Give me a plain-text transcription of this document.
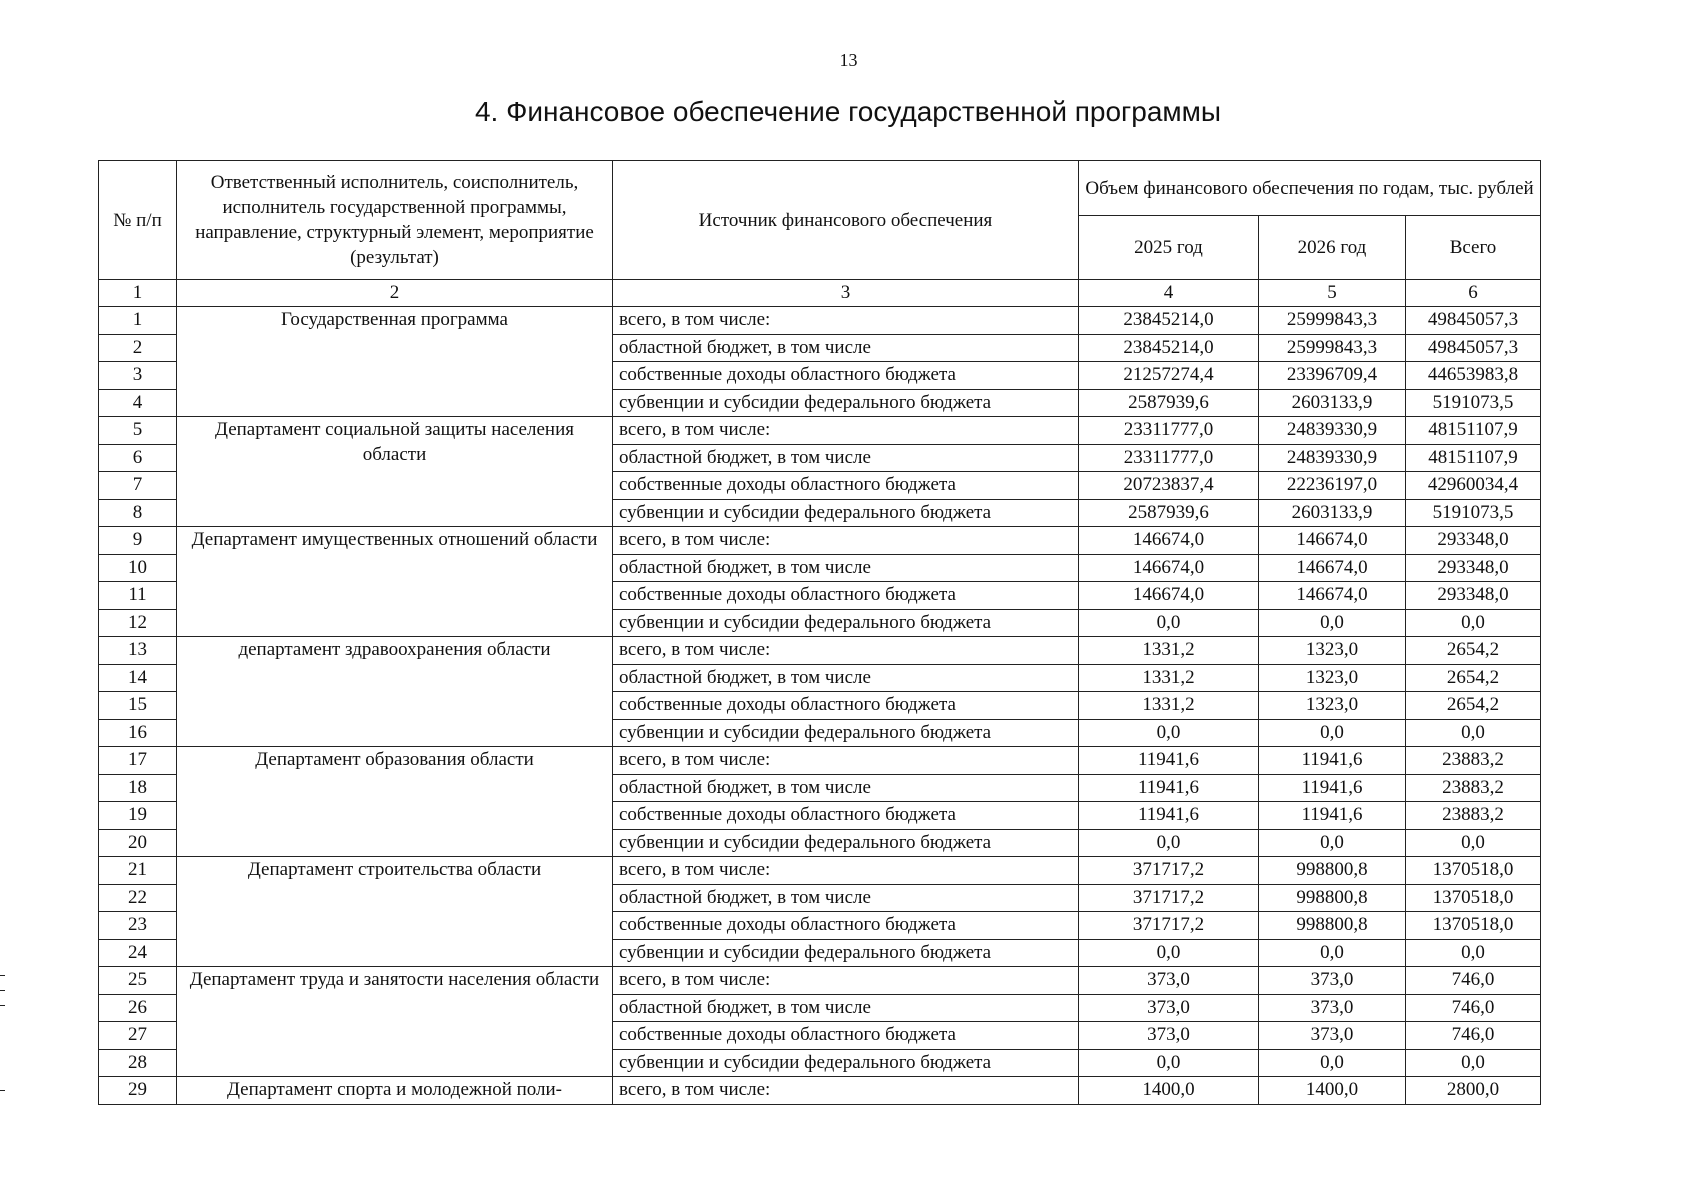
13
4. Финансовое обеспечение государственной программы
№ п/п	Ответственный исполнитель, соисполнитель, исполнитель государственной программы, направление, структурный элемент, мероприятие (результат)	Источник финансового обеспечения	Объем финансового обеспечения по годам, тыс. рублей		
			2025 год	2026 год	Всего
1	2	3	4	5	6
1	Государственная программа	всего, в том числе:	23845214,0	25999843,3	49845057,3
2		областной бюджет, в том числе	23845214,0	25999843,3	49845057,3
3		собственные доходы областного бюджета	21257274,4	23396709,4	44653983,8
4		субвенции и субсидии федерального бюджета	2587939,6	2603133,9	5191073,5
5	Департамент социальной защиты населения области	всего, в том числе:	23311777,0	24839330,9	48151107,9
6		областной бюджет, в том числе	23311777,0	24839330,9	48151107,9
7		собственные доходы областного бюджета	20723837,4	22236197,0	42960034,4
8		субвенции и субсидии федерального бюджета	2587939,6	2603133,9	5191073,5
9	Департамент имущественных отношений области	всего, в том числе:	146674,0	146674,0	293348,0
10		областной бюджет, в том числе	146674,0	146674,0	293348,0
11		собственные доходы областного бюджета	146674,0	146674,0	293348,0
12		субвенции и субсидии федерального бюджета	0,0	0,0	0,0
13	департамент здравоохранения области	всего, в том числе:	1331,2	1323,0	2654,2
14		областной бюджет, в том числе	1331,2	1323,0	2654,2
15		собственные доходы областного бюджета	1331,2	1323,0	2654,2
16		субвенции и субсидии федерального бюджета	0,0	0,0	0,0
17	Департамент образования области	всего, в том числе:	11941,6	11941,6	23883,2
18		областной бюджет, в том числе	11941,6	11941,6	23883,2
19		собственные доходы областного бюджета	11941,6	11941,6	23883,2
20		субвенции и субсидии федерального бюджета	0,0	0,0	0,0
21	Департамент строительства области	всего, в том числе:	371717,2	998800,8	1370518,0
22		областной бюджет, в том числе	371717,2	998800,8	1370518,0
23		собственные доходы областного бюджета	371717,2	998800,8	1370518,0
24		субвенции и субсидии федерального бюджета	0,0	0,0	0,0
25	Департамент труда и занятости населения области	всего, в том числе:	373,0	373,0	746,0
26		областной бюджет, в том числе	373,0	373,0	746,0
27		собственные доходы областного бюджета	373,0	373,0	746,0
28		субвенции и субсидии федерального бюджета	0,0	0,0	0,0
29	Департамент спорта и молодежной поли-	всего, в том числе:	1400,0	1400,0	2800,0
